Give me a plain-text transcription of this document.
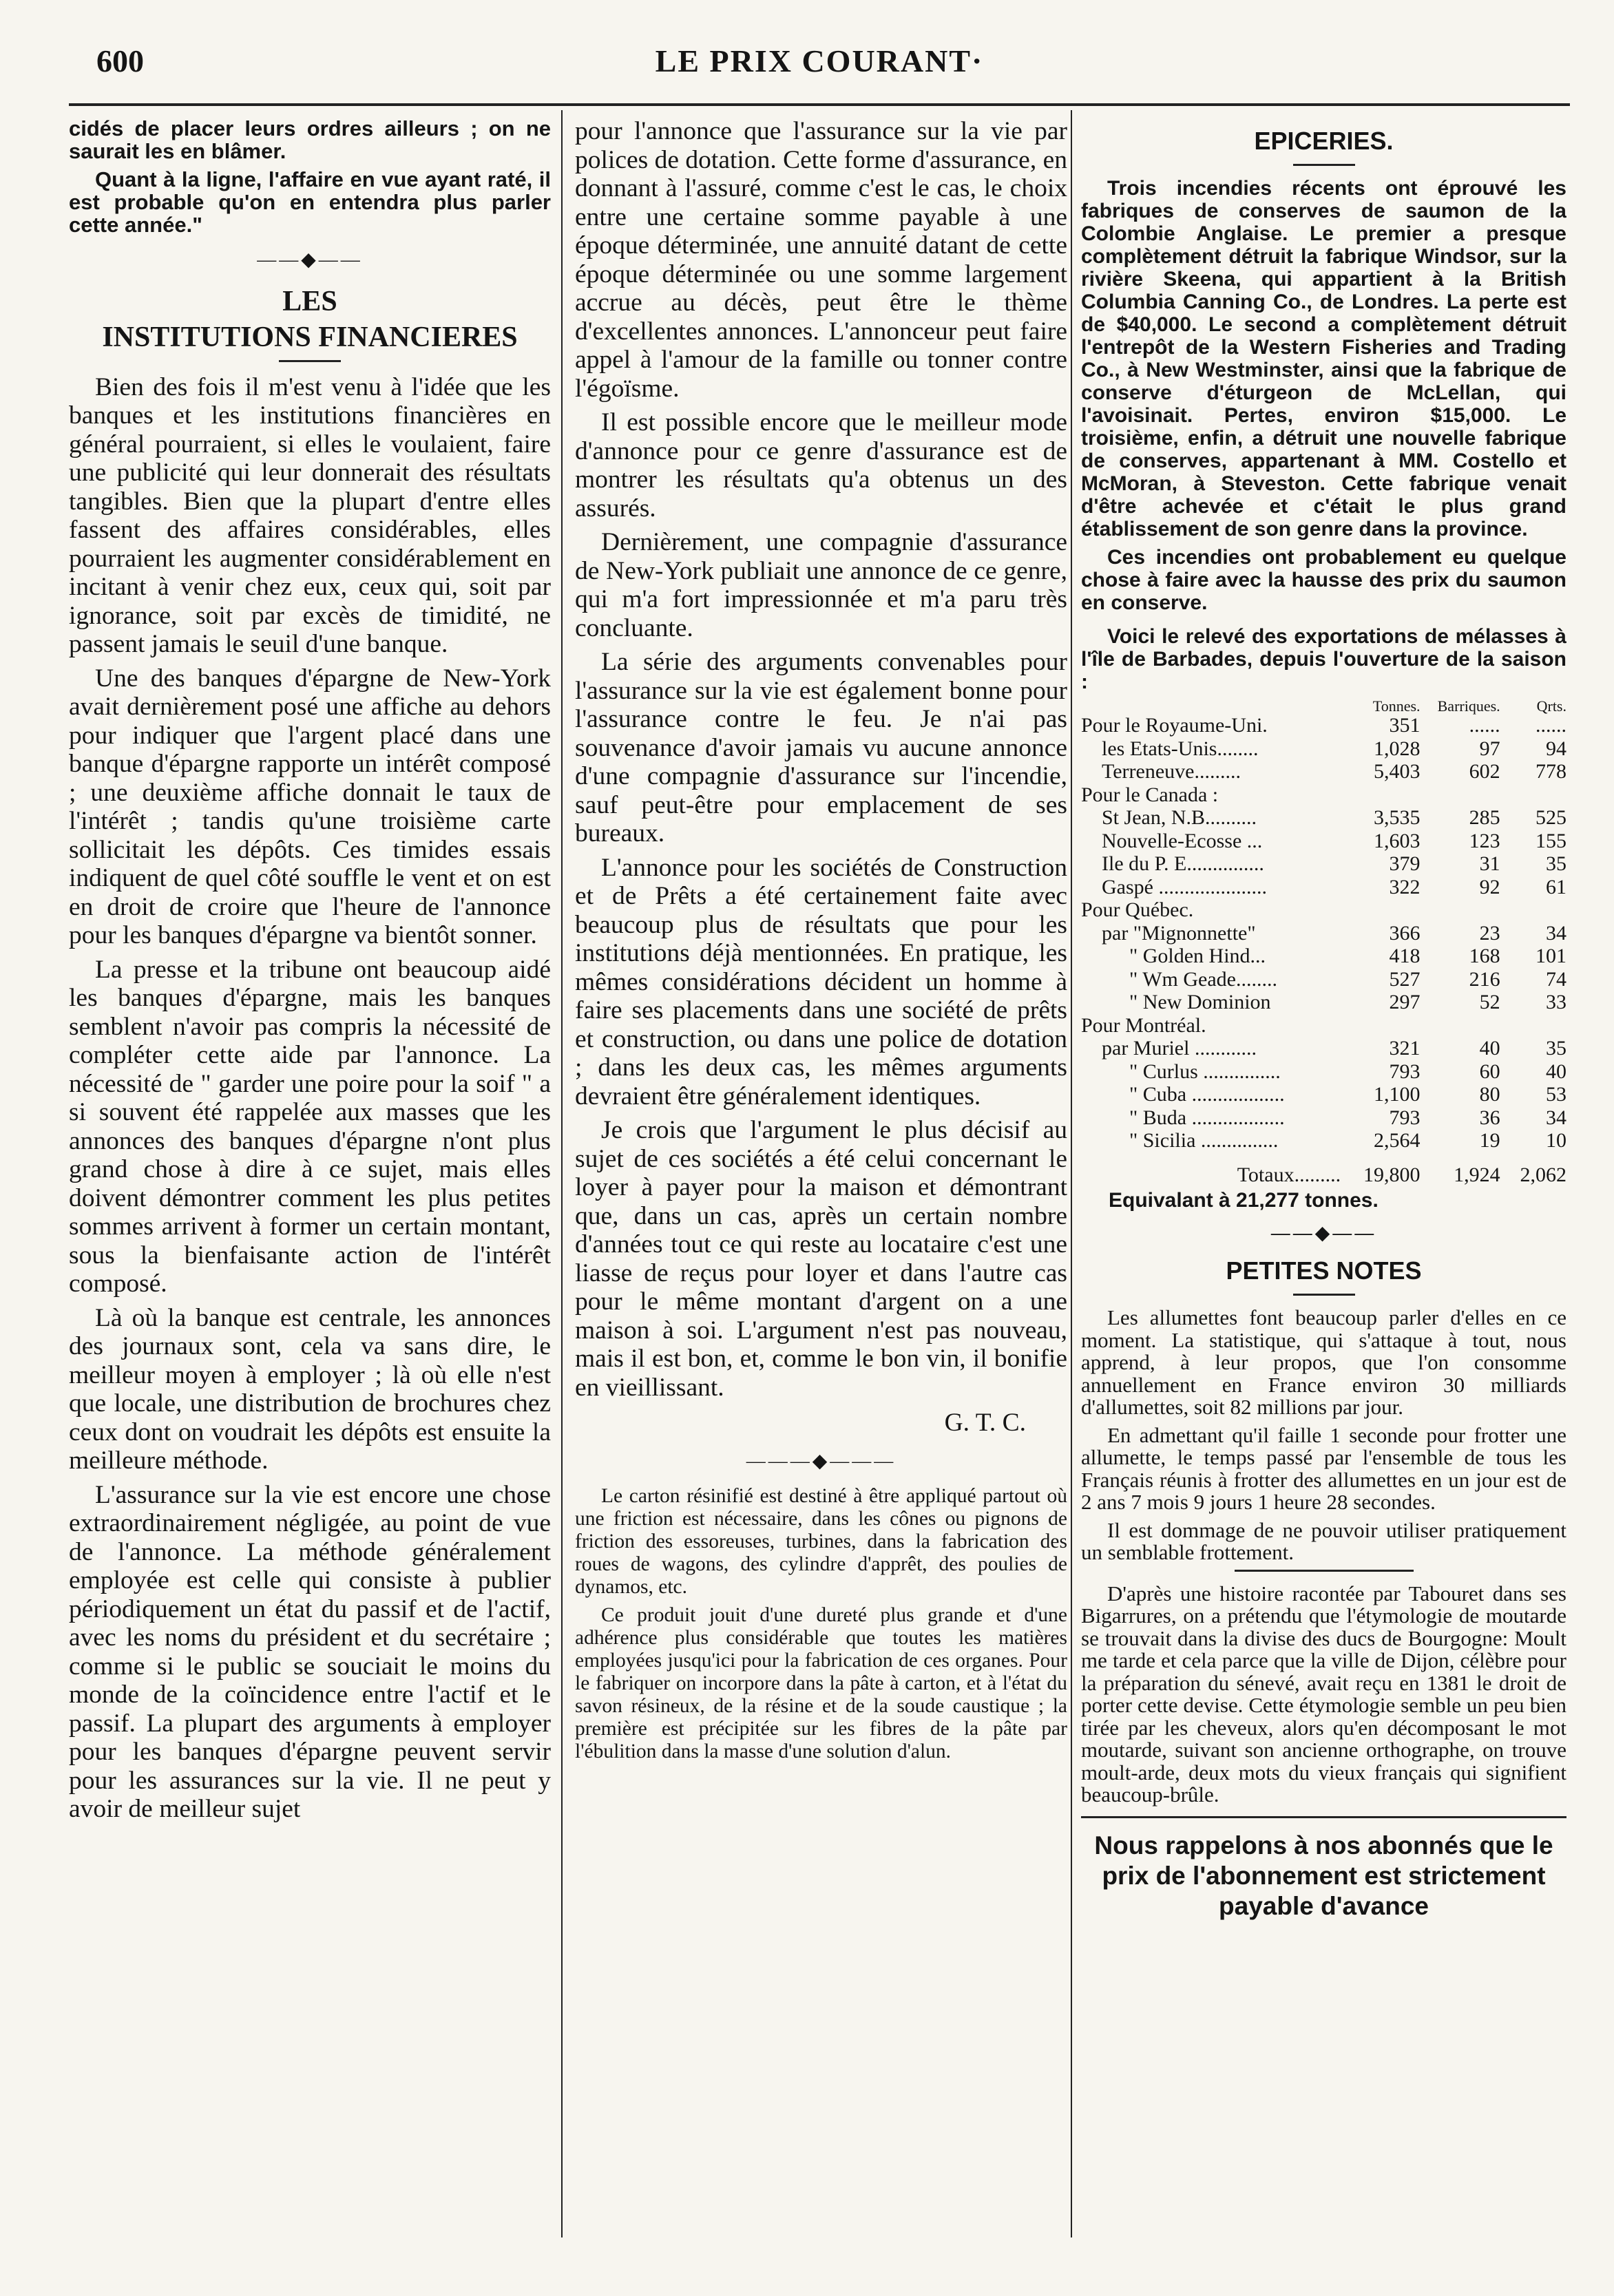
600	LE PRIX COURANT·

cidés de placer leurs ordres ailleurs ; on ne saurait les en blâmer.

Quant à la ligne, l'affaire en vue ayant raté, il est probable qu'on en entendra plus parler cette année."

——◆——
LES
INSTITUTIONS FINANCIERES

Bien des fois il m'est venu à l'idée que les banques et les institutions financières en général pourraient, si elles le voulaient, faire une publicité qui leur donnerait des résultats tangibles. Bien que la plupart d'entre elles fassent des affaires considérables, elles pourraient les augmenter considérablement en incitant à venir chez eux, ceux qui, soit par ignorance, soit par excès de timidité, ne passent jamais le seuil d'une banque.

Une des banques d'épargne de New-York avait dernièrement posé une affiche au dehors pour indiquer que l'argent placé dans une banque d'épargne rapporte un intérêt composé ; une deuxième affiche donnait le taux de l'intérêt ; tandis qu'une troisième carte sollicitait les dépôts. Ces timides essais indiquent de quel côté souffle le vent et on est en droit de croire que l'heure de l'annonce pour les banques d'épargne va bientôt sonner.

La presse et la tribune ont beaucoup aidé les banques d'épargne, mais les banques semblent n'avoir pas compris la nécessité de compléter cette aide par l'annonce. La nécessité de " garder une poire pour la soif " a si souvent été rappelée aux masses que les annonces des banques d'épargne n'ont plus grand chose à dire à ce sujet, mais elles doivent démontrer comment les plus petites sommes arrivent à former un certain montant, sous la bienfaisante action de l'intérêt composé.

Là où la banque est centrale, les annonces des journaux sont, cela va sans dire, le meilleur moyen à employer ; là où elle n'est que locale, une distribution de brochures chez ceux dont on voudrait les dépôts est ensuite la meilleure méthode.

L'assurance sur la vie est encore une chose extraordinairement négligée, au point de vue de l'annonce. La méthode généralement employée est celle qui consiste à publier périodiquement un état du passif et de l'actif, avec les noms du président et du secrétaire ; comme si le public se souciait le moins du monde de la coïncidence entre l'actif et le passif. La plupart des arguments à employer pour les banques d'épargne peuvent servir pour les assurances sur la vie. Il ne peut y avoir de meilleur sujet

pour l'annonce que l'assurance sur la vie par polices de dotation. Cette forme d'assurance, en donnant à l'assuré, comme c'est le cas, le choix entre une certaine somme payable à une époque déterminée, une annuité datant de cette époque déterminée ou une somme largement accrue au décès, peut être le thème d'excellentes annonces. L'annonceur peut faire appel à l'amour de la famille ou tonner contre l'égoïsme.

Il est possible encore que le meilleur mode d'annonce pour ce genre d'assurance est de montrer les résultats qu'a obtenus un des assurés.

Dernièrement, une compagnie d'assurance de New-York publiait une annonce de ce genre, qui m'a fort impressionnée et m'a paru très concluante.

La série des arguments convenables pour l'assurance sur la vie est également bonne pour l'assurance contre le feu. Je n'ai pas souvenance d'avoir jamais vu aucune annonce d'une compagnie d'assurance sur l'incendie, sauf peut-être pour emplacement de ses bureaux.

L'annonce pour les sociétés de Construction et de Prêts a été certainement faite avec beaucoup plus de résultats que pour les institutions déjà mentionnées. En pratique, les mêmes considérations décident un homme à faire ses placements dans une société de prêts et construction, ou dans une police de dotation ; dans les deux cas, les mêmes arguments devraient être généralement identiques.

Je crois que l'argument le plus décisif au sujet de ces sociétés a été celui concernant le loyer à payer pour la maison et démontrant que, dans un cas, après un certain nombre d'années tout ce qui reste au locataire c'est une liasse de reçus pour loyer et dans l'autre cas pour le même montant d'argent on a une maison à soi. L'argument n'est pas nouveau, mais il est bon, et, comme le bon vin, il bonifie en vieillissant.

G. T. C.
———◆———

Le carton résinifié est destiné à être appliqué partout où une friction est nécessaire, dans les cônes ou pignons de friction des essoreuses, turbines, dans la fabrication des roues de wagons, des cylindre d'apprêt, des poulies de dynamos, etc.

Ce produit jouit d'une dureté plus grande et d'une adhérence plus considérable que toutes les matières employées jusqu'ici pour la fabrication de ces organes. Pour le fabriquer on incorpore dans la pâte à carton, et à l'état du savon résineux, de la résine et de la soude caustique ; la première est précipitée sur les fibres de la pâte par l'ébulition dans la masse d'une solution d'alun.

EPICERIES.

Trois incendies récents ont éprouvé les fabriques de conserves de saumon de la Colombie Anglaise. Le premier a presque complètement détruit la fabrique Windsor, sur la rivière Skeena, qui appartient à la British Columbia Canning Co., de Londres. La perte est de $40,000. Le second a complètement détruit l'entrepôt de la Western Fisheries and Trading Co., à New Westminster, ainsi que la fabrique de conserve d'éturgeon de McLellan, qui l'avoisinait. Pertes, environ $15,000. Le troisième, enfin, a détruit une nouvelle fabrique de conserves, appartenant à MM. Costello et McMoran, à Steveston. Cette fabrique venait d'être achevée et c'était le plus grand établissement de son genre dans la province.

Ces incendies ont probablement eu quelque chose à faire avec la hausse des prix du saumon en conserve.

Voici le relevé des exportations de mélasses à l'île de Barbades, depuis l'ouverture de la saison :

	Tonnes.	Barriques.	Qrts.
Pour le Royaume-Uni.	351	......	......
les Etats-Unis........	1,028	97	94
Terreneuve.........	5,403	602	778
Pour le Canada :			
St Jean, N.B..........	3,535	285	525
Nouvelle-Ecosse ...	1,603	123	155
Ile du P. E...............	379	31	35
Gaspé .....................	322	92	61
Pour Québec.			
par "Mignonnette"	366	23	34
" Golden Hind...	418	168	101
" Wm Geade........	527	216	74
" New Dominion	297	52	33
Pour Montréal.			
par Muriel ............	321	40	35
" Curlus ...............	793	60	40
" Cuba ..................	1,100	80	53
" Buda ..................	793	36	34
" Sicilia ...............	2,564	19	10
Totaux.........	19,800	1,924	2,062

Equivalant à 21,277 tonnes.

——◆——
PETITES NOTES

Les allumettes font beaucoup parler d'elles en ce moment. La statistique, qui s'attaque à tout, nous apprend, à leur propos, que l'on consomme annuellement en France environ 30 milliards d'allumettes, soit 82 millions par jour.

En admettant qu'il faille 1 seconde pour frotter une allumette, le temps passé par l'ensemble de tous les Français réunis à frotter des allumettes en un jour est de 2 ans 7 mois 9 jours 1 heure 28 secondes.

Il est dommage de ne pouvoir utiliser pratiquement un semblable frottement.

D'après une histoire racontée par Tabouret dans ses Bigarrures, on a prétendu que l'étymologie de moutarde se trouvait dans la divise des ducs de Bourgogne: Moult me tarde et cela parce que la ville de Dijon, célèbre pour la préparation du sénevé, avait reçu en 1381 le droit de porter cette devise. Cette étymologie semble un peu bien tirée par les cheveux, alors qu'en décomposant le mot moutarde, suivant son ancienne orthographe, on trouve moult-arde, deux mots du vieux français qui signifient beaucoup-brûle.

Nous rappelons à nos abonnés que le prix de l'abonnement est strictement payable d'avance
